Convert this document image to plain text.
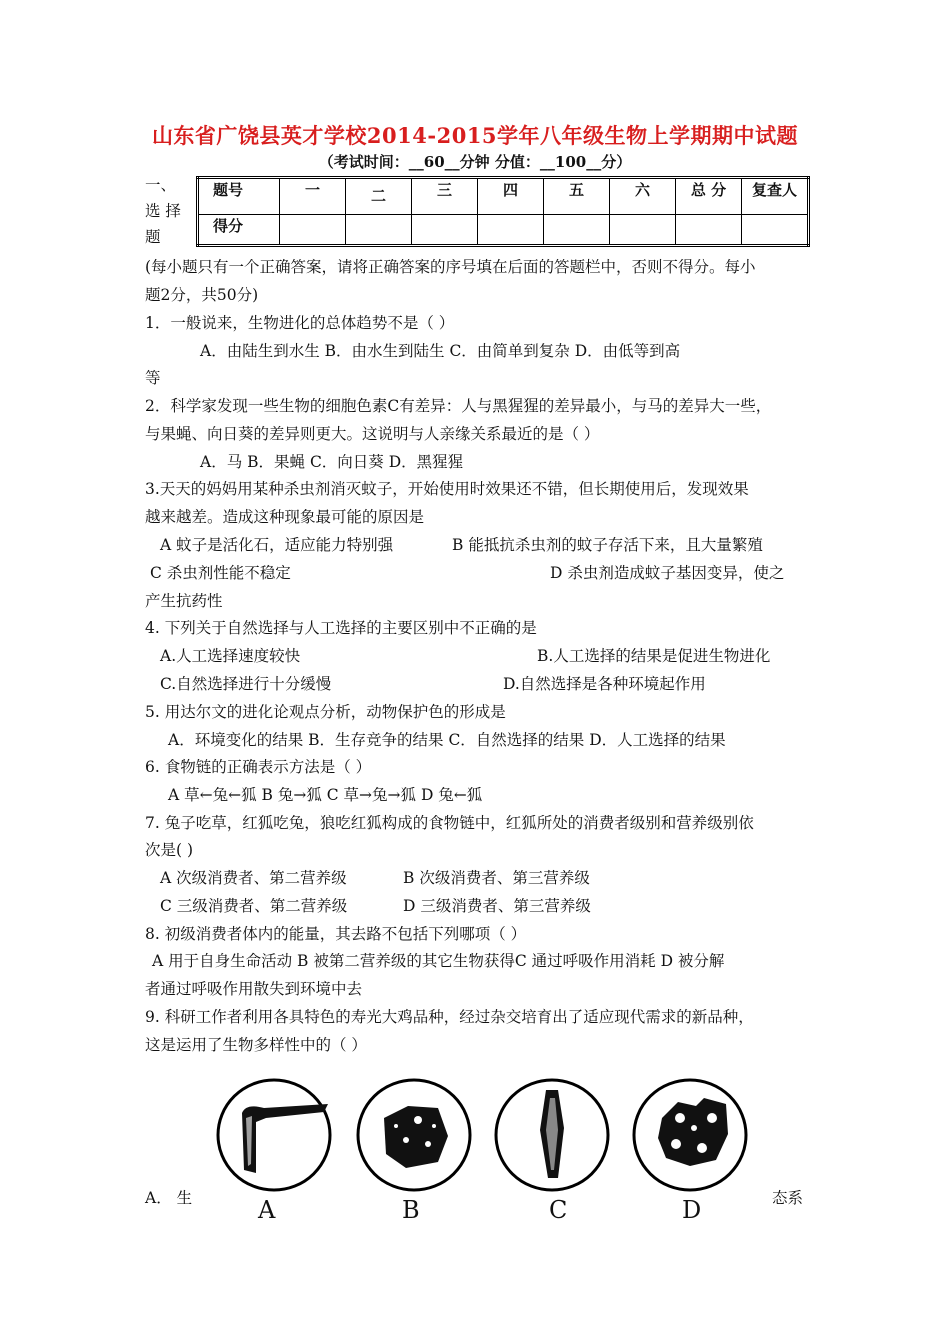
山东省广饶县英才学校2014-2015学年八年级生物上学期期中试题
（考试时间：__60__分钟 分值：__100__分）
一、
选 择
题
题号	一	二	三	四	五	六	总 分	复查人
得分								
(每小题只有一个正确答案，请将正确答案的序号填在后面的答题栏中，否则不得分。每小
题2分，共50分)
1．一般说来，生物进化的总体趋势不是（ ）
A．由陆生到水生 B．由水生到陆生 C．由简单到复杂 D．由低等到高
等
2．科学家发现一些生物的细胞色素C有差异：人与黑猩猩的差异最小，与马的差异大一些，
与果蝇、向日葵的差异则更大。这说明与人亲缘关系最近的是（ ）
A．马 B．果蝇 C．向日葵 D．黑猩猩
3.天天的妈妈用某种杀虫剂消灭蚊子，开始使用时效果还不错，但长期使用后，发现效果
越来越差。造成这种现象最可能的原因是
A 蚊子是活化石，适应能力特别强	B 能抵抗杀虫剂的蚊子存活下来，且大量繁殖
C 杀虫剂性能不稳定	D 杀虫剂造成蚊子基因变异，使之
产生抗药性
4. 下列关于自然选择与人工选择的主要区别中不正确的是
A.人工选择速度较快	B.人工选择的结果是促进生物进化
C.自然选择进行十分缓慢	D.自然选择是各种环境起作用
5. 用达尔文的进化论观点分析，动物保护色的形成是
A．环境变化的结果 B．生存竞争的结果 C．自然选择的结果 D．人工选择的结果
6. 食物链的正确表示方法是（ ）
A 草←兔←狐 B 兔→狐 C 草→兔→狐 D 兔←狐
7. 兔子吃草，红狐吃兔，狼吃红狐构成的食物链中，红狐所处的消费者级别和营养级别依
次是( )
A 次级消费者、第二营养级	B 次级消费者、第三营养级
C 三级消费者、第二营养级	D 三级消费者、第三营养级
8. 初级消费者体内的能量，其去路不包括下列哪项（ ）
A 用于自身生命活动 B 被第二营养级的其它生物获得C 通过呼吸作用消耗 D 被分解
者通过呼吸作用散失到环境中去
9. 科研工作者利用各具特色的寿光大鸡品种，经过杂交培育出了适应现代需求的新品种，
这是运用了生物多样性中的（ ）
A． 生	态系
A	B	C	D
